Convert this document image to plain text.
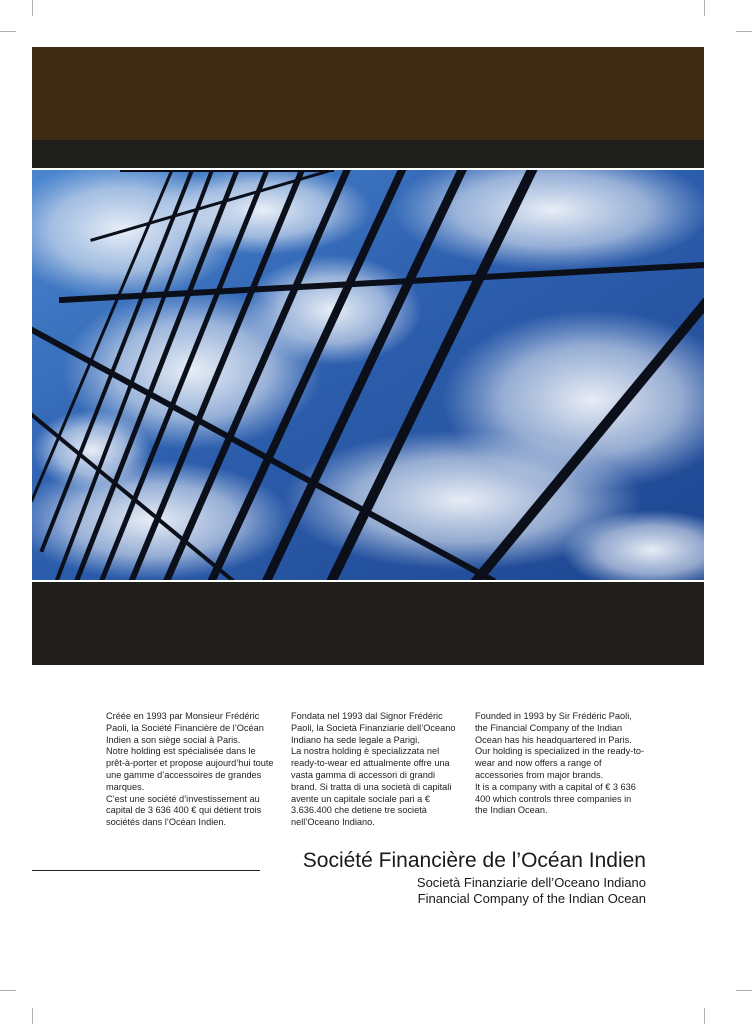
Créée en 1993 par Monsieur Frédéric Paoli, la Société Financière de l’Océan Indien a son siège social à Paris.

Notre holding est spécialisée dans le prêt-à-porter et propose aujourd’hui toute une gamme d’accessoires de grandes marques.

C’est une société d’investissement au capital de 3 636 400 € qui détient trois sociétés dans l’Océan Indien.

Fondata nel 1993 dal Signor Frédéric Paoli, la Società Finanziarie dell’Oceano Indiano ha sede legale a Parigi.

La nostra holding è specializzata nel ready-to-wear ed attualmente offre una vasta gamma di accessori di grandi brand. Si tratta di una società di capitali avente un capitale sociale pari a € 3.636.400 che detiene tre società nell’Oceano Indiano.

Founded in 1993 by Sir Frédéric Paoli, the Financial Company of the Indian Ocean has his headquartered in Paris.

Our holding is specialized in the ready-to-wear and now offers a range of accessories from major brands.

It is a company with a capital of € 3 636 400 which controls three companies in the Indian Ocean.

Société Financière de l’Océan Indien

Società Finanziarie dell’Oceano Indiano

Financial Company of the Indian Ocean
